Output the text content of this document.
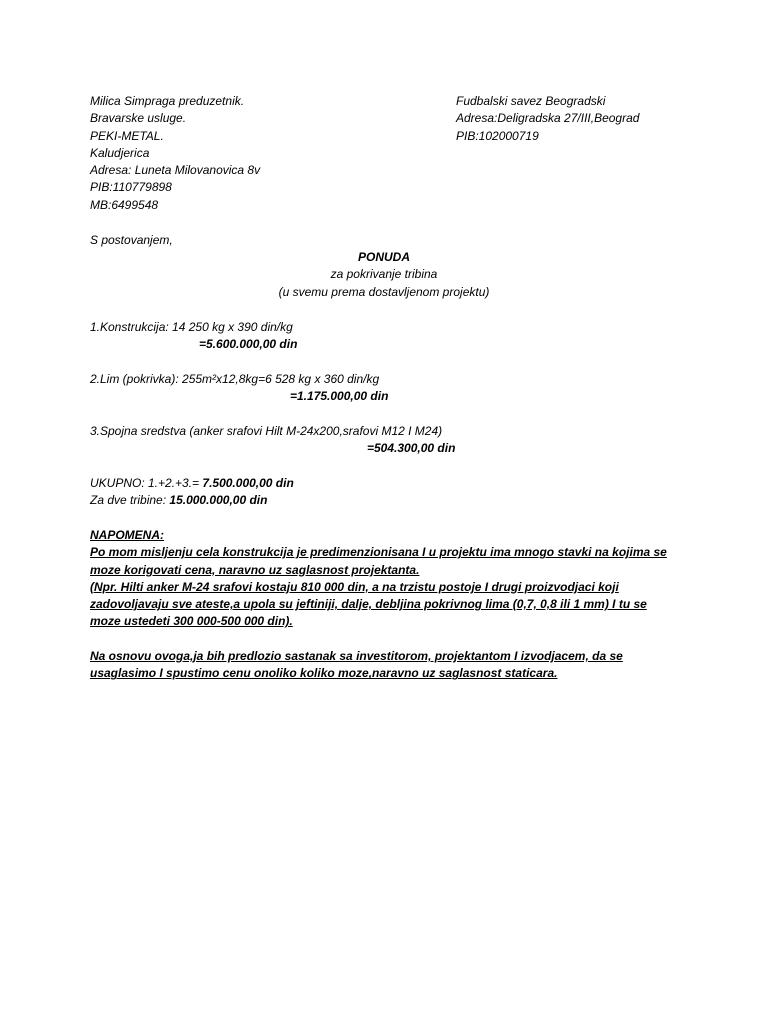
Milica Simpraga preduzetnik.
Bravarske usluge.
PEKI-METAL.
Kaludjerica
Adresa: Luneta Milovanovica 8v
PIB:110779898
MB:6499548
Fudbalski savez Beogradski
Adresa:Deligradska 27/III,Beograd
PIB:102000719
S postovanjem,
PONUDA
za pokrivanje tribina
(u svemu prema dostavljenom projektu)
1.Konstrukcija: 14 250 kg x 390 din/kg
=5.600.000,00 din
2.Lim (pokrivka): 255m²x12,8kg=6 528 kg x 360 din/kg
=1.175.000,00 din
3.Spojna sredstva (anker srafovi Hilt M-24x200,srafovi M12 I M24)
=504.300,00 din
UKUPNO: 1.+2.+3.= 7.500.000,00 din
Za dve tribine: 15.000.000,00 din
NAPOMENA:
Po mom misljenju cela konstrukcija je predimenzionisana I u projektu ima mnogo stavki na kojima se
moze korigovati cena, naravno uz saglasnost projektanta.
(Npr. Hilti anker M-24 srafovi kostaju 810 000 din, a na trzistu postoje I drugi proizvodjaci koji
zadovoljavaju sve ateste,a upola su jeftiniji, dalje, debljina pokrivnog lima (0,7, 0,8 ili 1 mm) I tu se
moze ustedeti 300 000-500 000 din).
Na osnovu ovoga,ja bih predlozio sastanak sa investitorom, projektantom I izvodjacem, da se
usaglasimo I spustimo cenu onoliko koliko moze,naravno uz saglasnost staticara.
